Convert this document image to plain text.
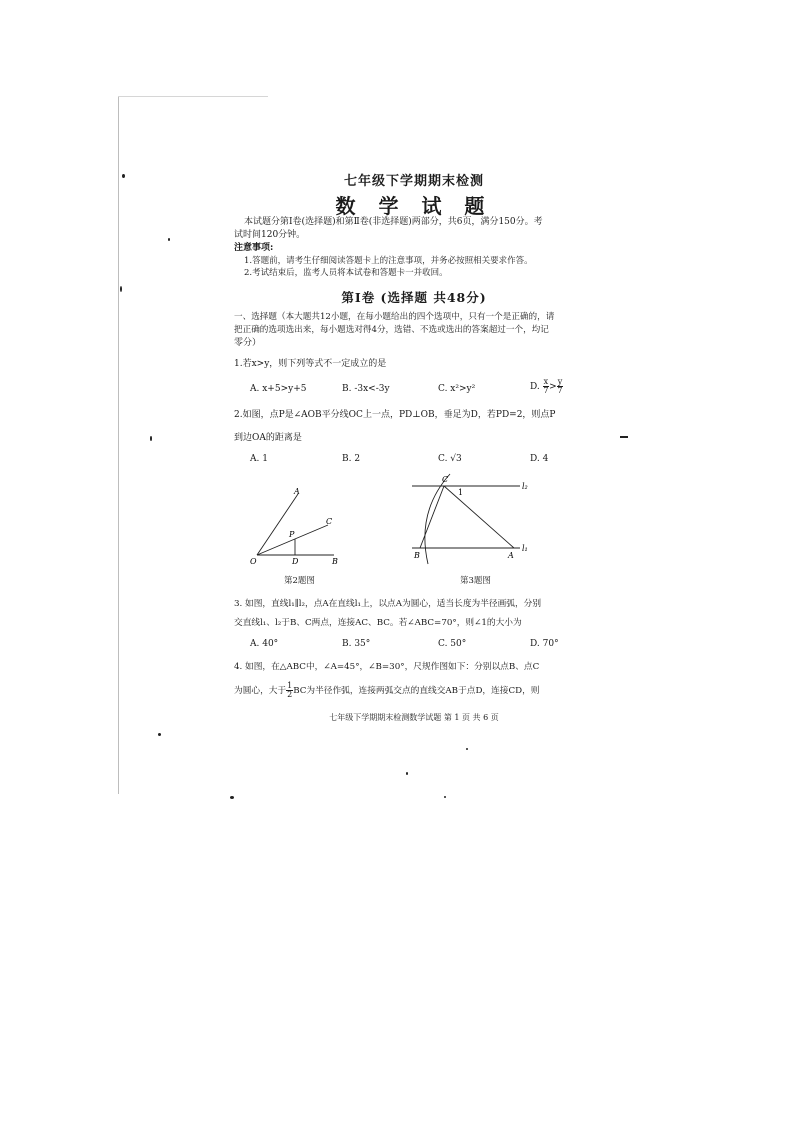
七年级下学期期末检测
数 学 试 题
本试题分第Ⅰ卷(选择题)和第Ⅱ卷(非选择题)两部分，共6页，满分150分。考
试时间120分钟。
注意事项:
1.答题前，请考生仔细阅读答题卡上的注意事项，并务必按照相关要求作答。
2.考试结束后，监考人员将本试卷和答题卡一并收回。
第Ⅰ卷 (选择题 共48分)
一、选择题（本大题共12小题，在每小题给出的四个选项中，只有一个是正确的，请
把正确的选项选出来，每小题选对得4分，选错、不选或选出的答案超过一个，均记
零分）
1.若x>y，则下列等式不一定成立的是
A. x+5>y+5	B. -3x<-3y	C. x²>y²	D. $\frac{x}{7} > \frac{y}{7}$
2.如图，点P是∠AOB平分线OC上一点，PD⊥OB，垂足为D，若PD=2，则点P
到边OA的距离是
A. 1	B. 2	C. √3	D. 4
A
C
P
O	D	B
第2题图
C
1
l₂
B	A
l₁
第3题图
3. 如图，直线l₁∥l₂，点A在直线l₁上，以点A为圆心，适当长度为半径画弧，分别
交直线l₁、l₂于B、C两点，连接AC、BC。若∠ABC=70°，则∠1的大小为
A. 40°	B. 35°	C. 50°	D. 70°
4. 如图，在△ABC中，∠A=45°，∠B=30°，尺规作图如下：分别以点B、点C
为圆心，大于 $\frac{1}{2}$ BC为半径作弧，连接两弧交点的直线交AB于点D，连接CD，则
七年级下学期期末检测数学试题 第 1 页 共 6 页
